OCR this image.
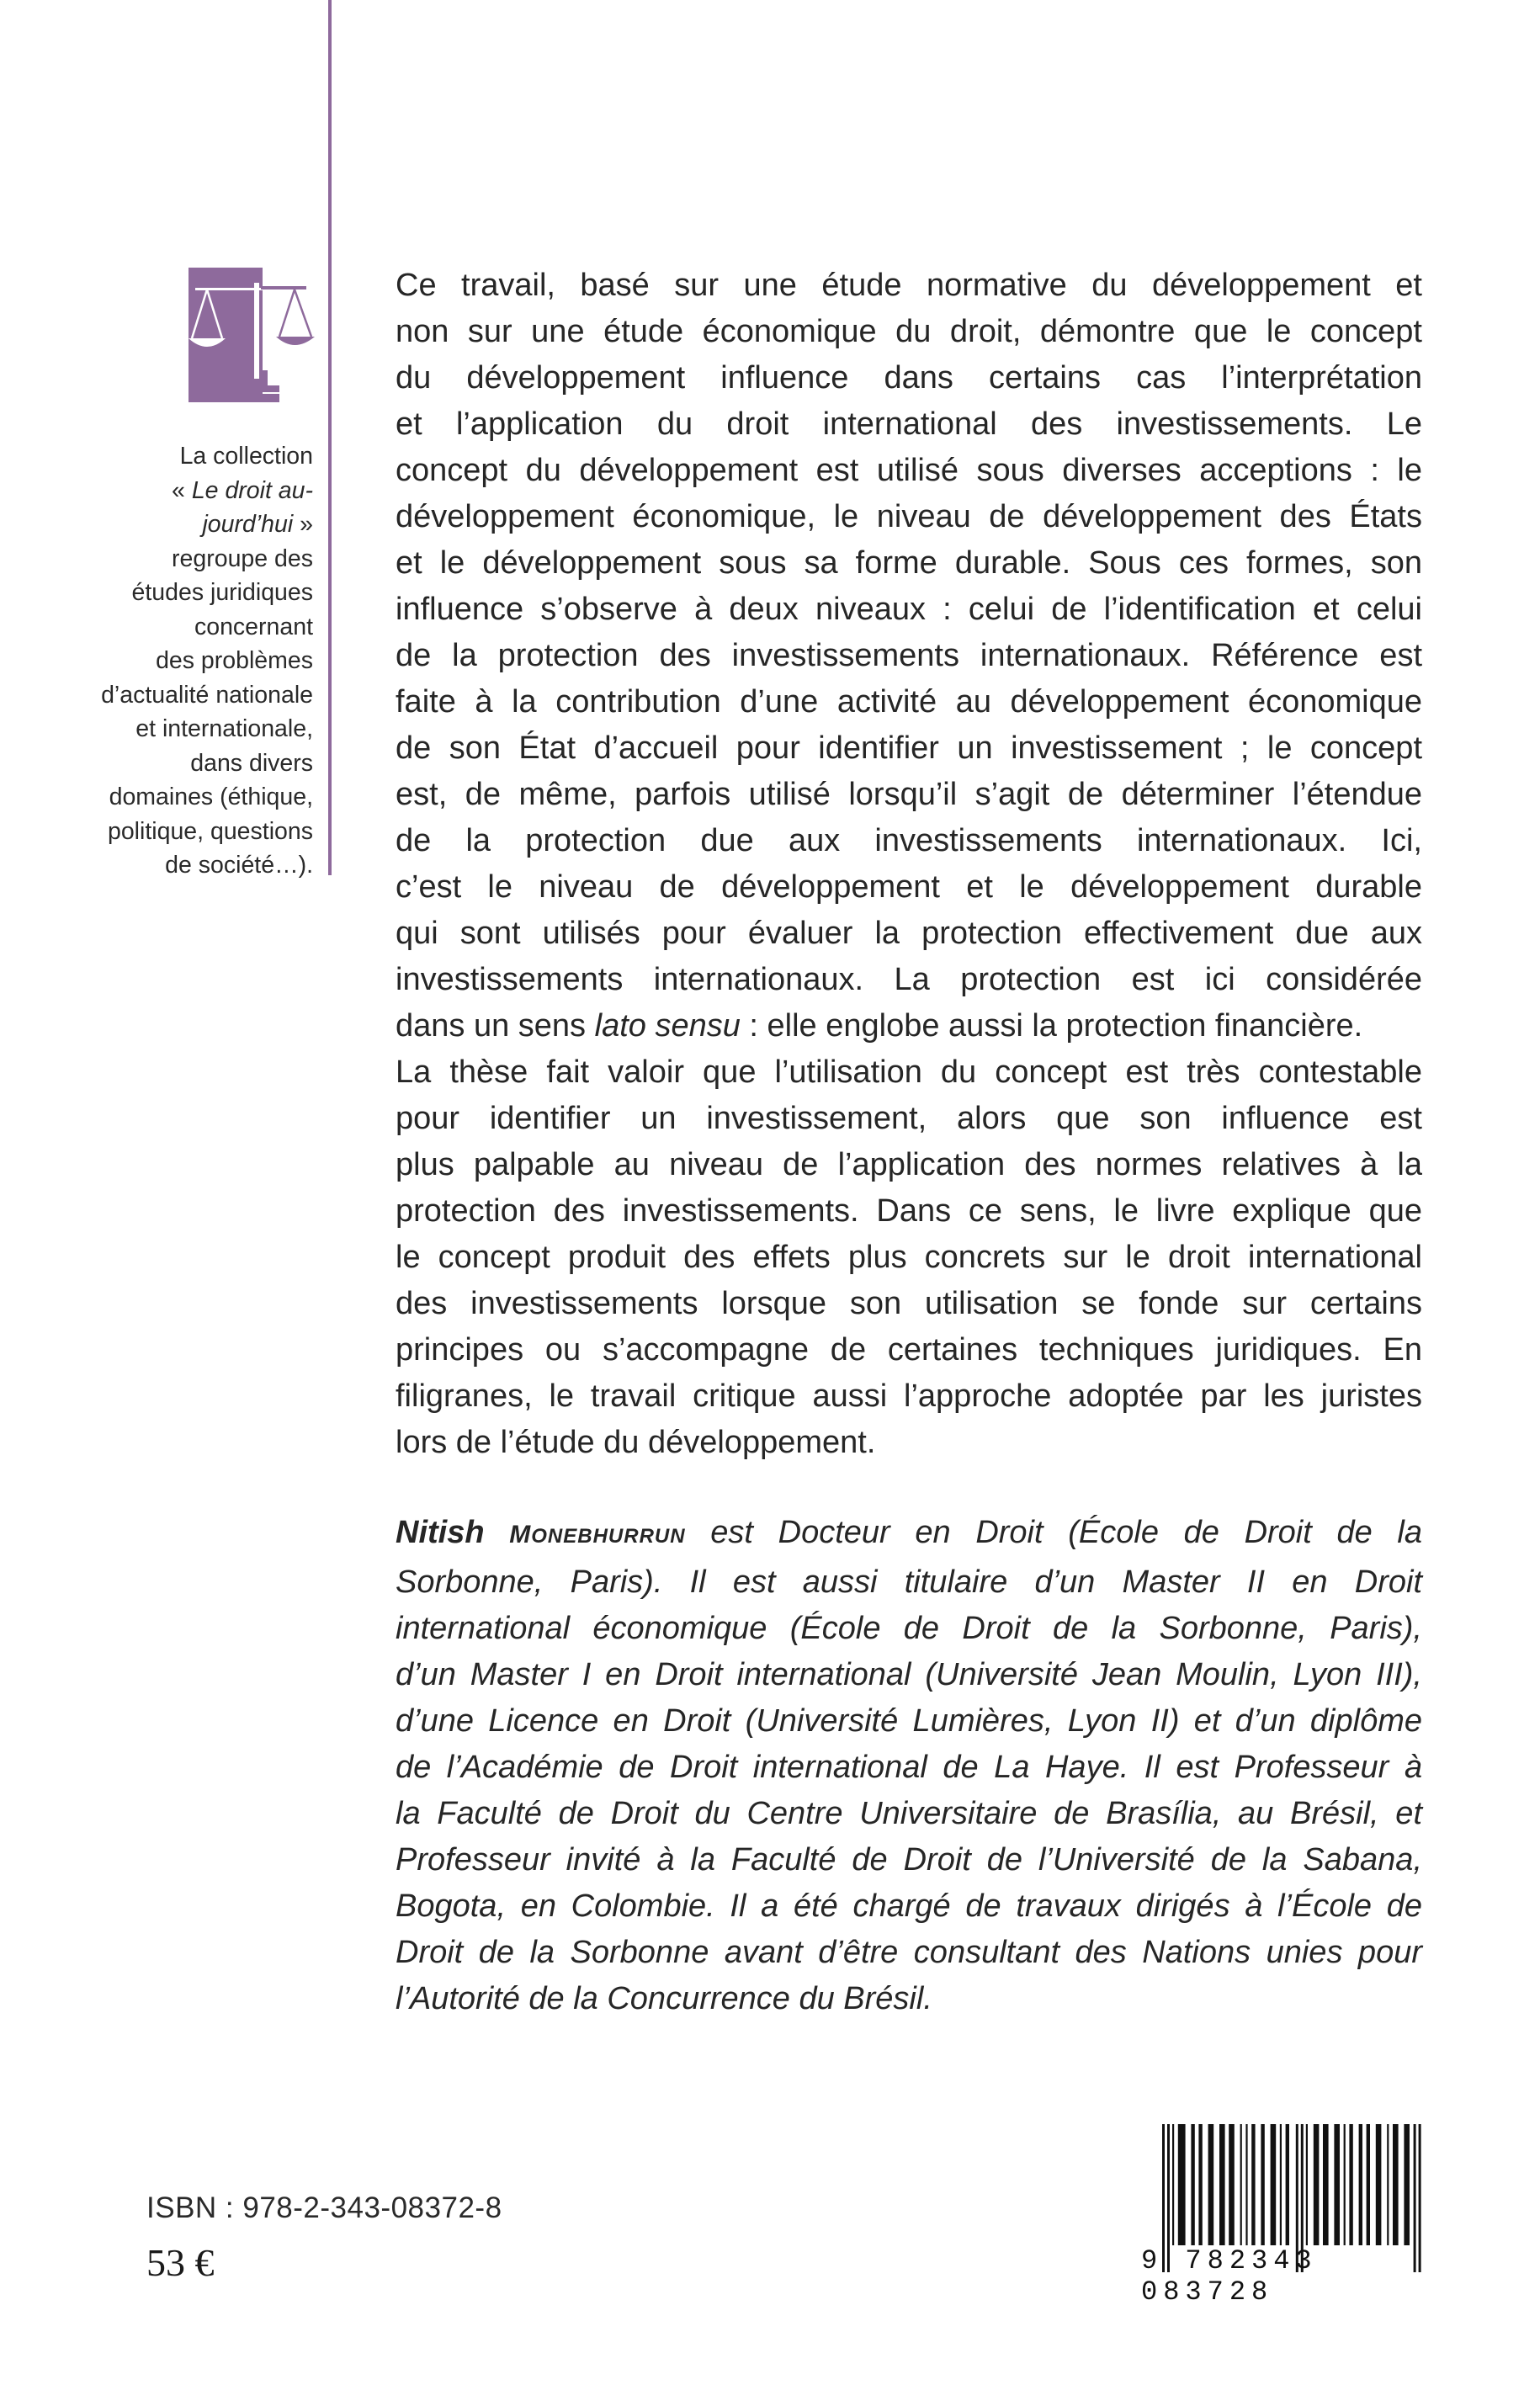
La collection
« Le droit au-
jourd’hui »
regroupe des
études juridiques
concernant
des problèmes
d’actualité nationale
et internationale,
dans divers
domaines (éthique,
politique, questions
de société…).
Ce travail, basé sur une étude normative du développement et
non sur une étude économique du droit, démontre que le concept
du développement influence dans certains cas l’interprétation
et l’application du droit international des investissements. Le
concept du développement est utilisé sous diverses acceptions : le
développement économique, le niveau de développement des États
et le développement sous sa forme durable. Sous ces formes, son
influence s’observe à deux niveaux : celui de l’identification et celui
de la protection des investissements internationaux. Référence est
faite à la contribution d’une activité au développement économique
de son État d’accueil pour identifier un investissement ; le concept
est, de même, parfois utilisé lorsqu’il s’agit de déterminer l’étendue
de la protection due aux investissements internationaux. Ici,
c’est le niveau de développement et le développement durable
qui sont utilisés pour évaluer la protection effectivement due aux
investissements internationaux. La protection est ici considérée
dans un sens lato sensu : elle englobe aussi la protection financière.
La thèse fait valoir que l’utilisation du concept est très contestable
pour identifier un investissement, alors que son influence est
plus palpable au niveau de l’application des normes relatives à la
protection des investissements. Dans ce sens, le livre explique que
le concept produit des effets plus concrets sur le droit international
des investissements lorsque son utilisation se fonde sur certains
principes ou s’accompagne de certaines techniques juridiques. En
filigranes, le travail critique aussi l’approche adoptée par les juristes
lors de l’étude du développement.
Nitish MONEBHURRUN est Docteur en Droit (École de Droit de la
Sorbonne, Paris). Il est aussi titulaire d’un Master II en Droit
international économique (École de Droit de la Sorbonne, Paris),
d’un Master I en Droit international (Université Jean Moulin, Lyon III),
d’une Licence en Droit (Université Lumières, Lyon II) et d’un diplôme
de l’Académie de Droit international de La Haye. Il est Professeur à
la Faculté de Droit du Centre Universitaire de Brasília, au Brésil, et
Professeur invité à la Faculté de Droit de l’Université de la Sabana,
Bogota, en Colombie. Il a été chargé de travaux dirigés à l’École de
Droit de la Sorbonne avant d’être consultant des Nations unies pour
l’Autorité de la Concurrence du Brésil.
ISBN : 978-2-343-08372-8
53 €	9 782343 083728
